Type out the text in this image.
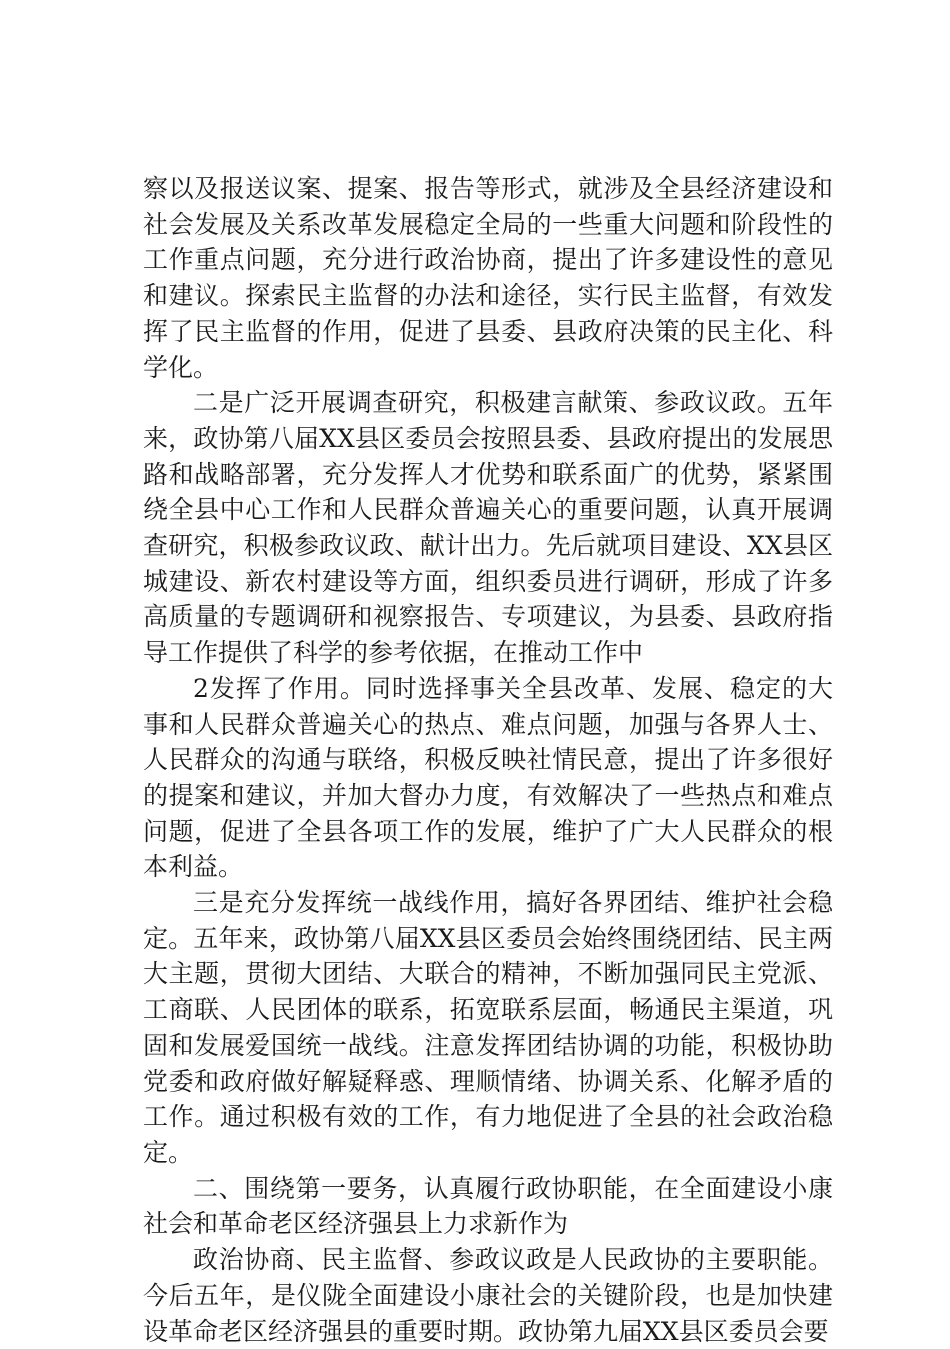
察以及报送议案、提案、报告等形式，就涉及全县经济建设和社会发展及关系改革发展稳定全局的一些重大问题和阶段性的工作重点问题，充分进行政治协商，提出了许多建设性的意见和建议。探索民主监督的办法和途径，实行民主监督，有效发挥了民主监督的作用，促进了县委、县政府决策的民主化、科学化。

二是广泛开展调查研究，积极建言献策、参政议政。五年来，政协第八届XX县区委员会按照县委、县政府提出的发展思路和战略部署，充分发挥人才优势和联系面广的优势，紧紧围绕全县中心工作和人民群众普遍关心的重要问题，认真开展调查研究，积极参政议政、献计出力。先后就项目建设、XX县区城建设、新农村建设等方面，组织委员进行调研，形成了许多高质量的专题调研和视察报告、专项建议，为县委、县政府指导工作提供了科学的参考依据，在推动工作中

2发挥了作用。同时选择事关全县改革、发展、稳定的大事和人民群众普遍关心的热点、难点问题，加强与各界人士、人民群众的沟通与联络，积极反映社情民意，提出了许多很好的提案和建议，并加大督办力度，有效解决了一些热点和难点问题，促进了全县各项工作的发展，维护了广大人民群众的根本利益。

三是充分发挥统一战线作用，搞好各界团结、维护社会稳定。五年来，政协第八届XX县区委员会始终围绕团结、民主两大主题，贯彻大团结、大联合的精神，不断加强同民主党派、工商联、人民团体的联系，拓宽联系层面，畅通民主渠道，巩固和发展爱国统一战线。注意发挥团结协调的功能，积极协助党委和政府做好解疑释惑、理顺情绪、协调关系、化解矛盾的工作。通过积极有效的工作，有力地促进了全县的社会政治稳定。

二、围绕第一要务，认真履行政协职能，在全面建设小康社会和革命老区经济强县上力求新作为

政治协商、民主监督、参政议政是人民政协的主要职能。今后五年，是仪陇全面建设小康社会的关键阶段，也是加快建设革命老区经济强县的重要时期。政协第九届XX县区委员会要
